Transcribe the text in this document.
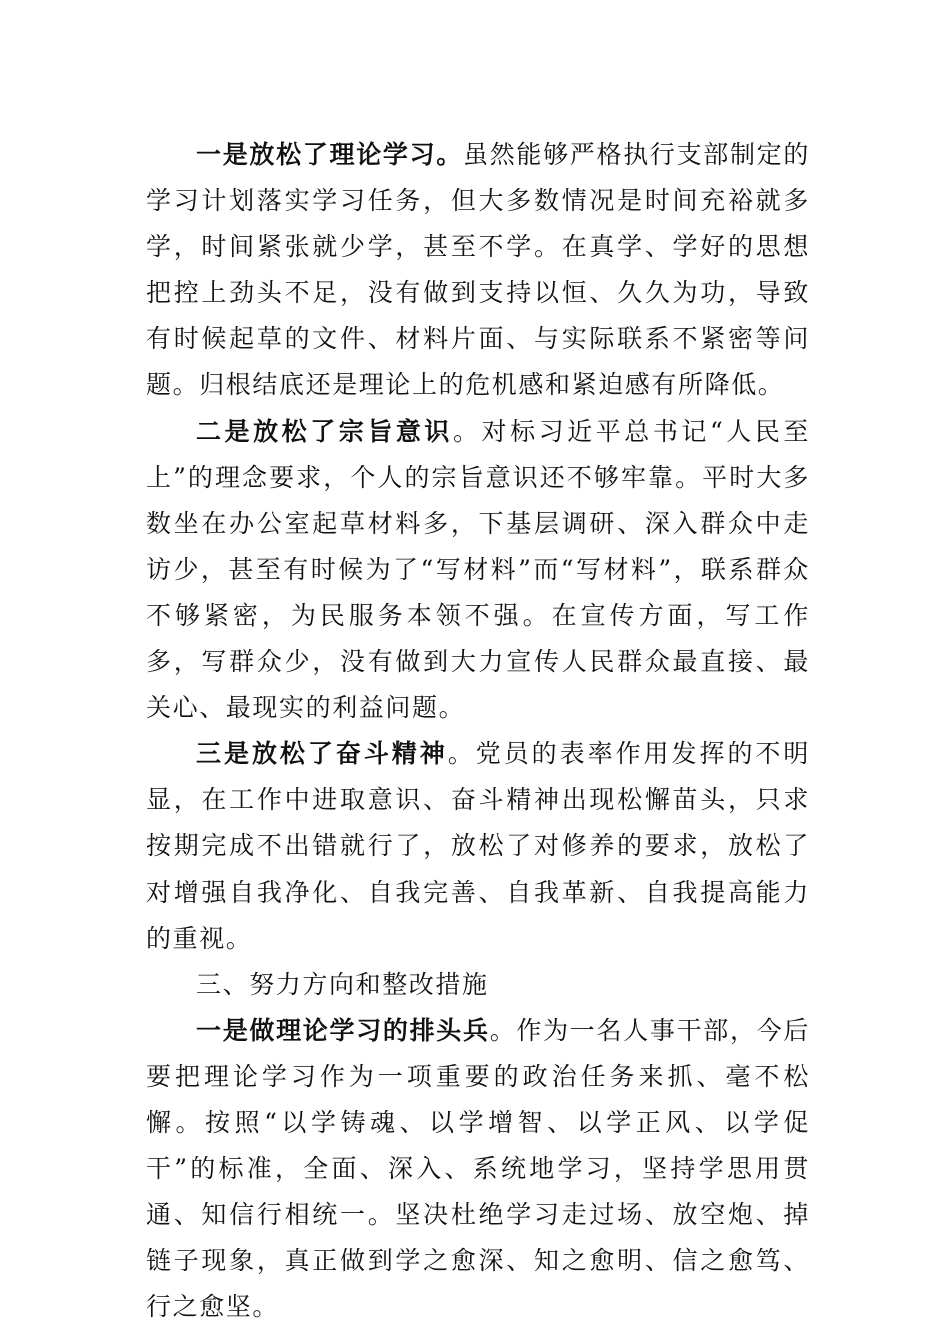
一是放松了理论学习。虽然能够严格执行支部制定的学习计划落实学习任务，但大多数情况是时间充裕就多学，时间紧张就少学，甚至不学。在真学、学好的思想把控上劲头不足，没有做到支持以恒、久久为功，导致有时候起草的文件、材料片面、与实际联系不紧密等问题。归根结底还是理论上的危机感和紧迫感有所降低。

二是放松了宗旨意识。对标习近平总书记“人民至上”的理念要求，个人的宗旨意识还不够牢靠。平时大多数坐在办公室起草材料多，下基层调研、深入群众中走访少，甚至有时候为了“写材料”而“写材料”，联系群众不够紧密，为民服务本领不强。在宣传方面，写工作多，写群众少，没有做到大力宣传人民群众最直接、最关心、最现实的利益问题。

三是放松了奋斗精神。党员的表率作用发挥的不明显，在工作中进取意识、奋斗精神出现松懈苗头，只求按期完成不出错就行了，放松了对修养的要求，放松了对增强自我净化、自我完善、自我革新、自我提高能力的重视。

三、努力方向和整改措施

一是做理论学习的排头兵。作为一名人事干部，今后要把理论学习作为一项重要的政治任务来抓、毫不松懈。按照“以学铸魂、以学增智、以学正风、以学促干”的标准，全面、深入、系统地学习，坚持学思用贯通、知信行相统一。坚决杜绝学习走过场、放空炮、掉链子现象，真正做到学之愈深、知之愈明、信之愈笃、行之愈坚。
